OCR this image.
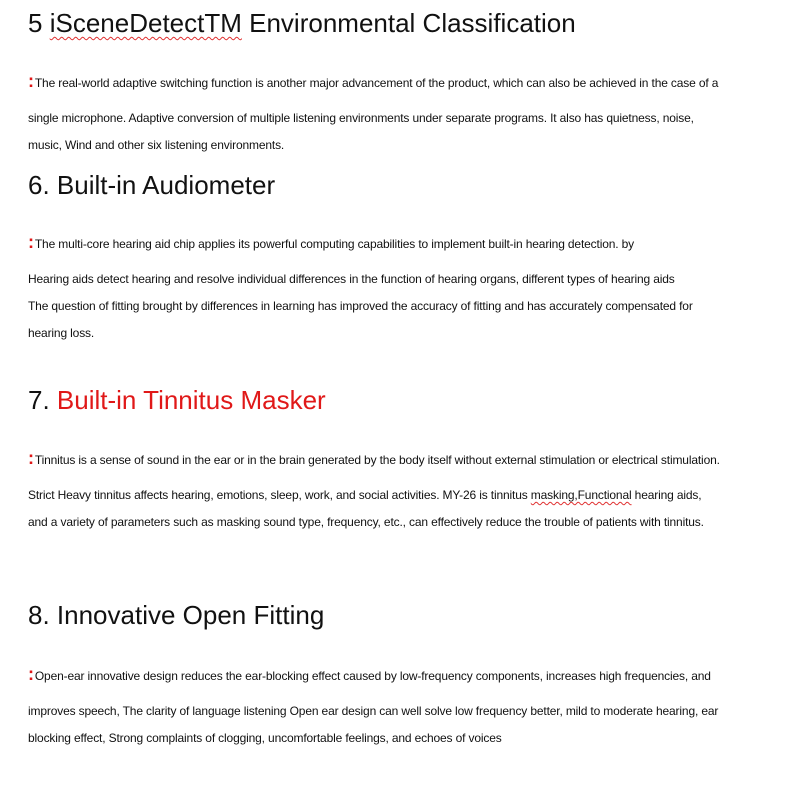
5 iSceneDetectTM Environmental Classification

:The real-world adaptive switching function is another major advancement of the product, which can also be achieved in the case of a

single microphone. Adaptive conversion of multiple listening environments under separate programs. It also has quietness, noise,

music, Wind and other six listening environments.

6. Built-in Audiometer

:The multi-core hearing aid chip applies its powerful computing capabilities to implement built-in hearing detection. by

Hearing aids detect hearing and resolve individual differences in the function of hearing organs, different types of hearing aids

The question of fitting brought by differences in learning has improved the accuracy of fitting and has accurately compensated for

hearing loss.

7. Built-in Tinnitus Masker

:Tinnitus is a sense of sound in the ear or in the brain generated by the body itself without external stimulation or electrical stimulation.

Strict Heavy tinnitus affects hearing, emotions, sleep, work, and social activities. MY-26 is tinnitus masking,Functional hearing aids,

and a variety of parameters such as masking sound type, frequency, etc., can effectively reduce the trouble of patients with tinnitus.

8. Innovative Open Fitting

:Open-ear innovative design reduces the ear-blocking effect caused by low-frequency components, increases high frequencies, and

improves speech, The clarity of language listening Open ear design can well solve low frequency better, mild to moderate hearing, ear

blocking effect, Strong complaints of clogging, uncomfortable feelings, and echoes of voices
